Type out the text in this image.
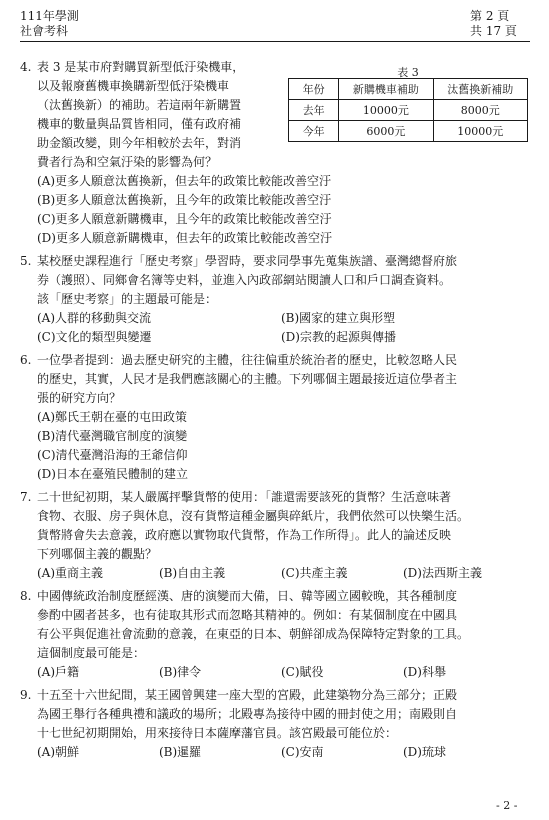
111年學測
社會考科
第 2 頁
共 17 頁
4. 表 3 是某市府對購買新型低汙染機車，
以及報廢舊機車換購新型低汙染機車
（汰舊換新）的補助。若這兩年新購置
機車的數量與品質皆相同，僅有政府補
助金額改變，則今年相較於去年，對消
費者行為和空氣汙染的影響為何？
(A)更多人願意汰舊換新，但去年的政策比較能改善空汙
(B)更多人願意汰舊換新，且今年的政策比較能改善空汙
(C)更多人願意新購機車，且今年的政策比較能改善空汙
(D)更多人願意新購機車，但去年的政策比較能改善空汙
表 3
年份	新購機車補助	汰舊換新補助
去年	10000元	8000元
今年	6000元	10000元
5. 某校歷史課程進行「歷史考察」學習時，要求同學事先蒐集族譜、臺灣總督府旅
券（護照）、同鄉會名簿等史料，並進入內政部網站閱讀人口和戶口調查資料。
該「歷史考察」的主題最可能是：
(A)人群的移動與交流	(B)國家的建立與形塑
(C)文化的類型與變遷	(D)宗教的起源與傳播
6. 一位學者提到：過去歷史研究的主體，往往偏重於統治者的歷史，比較忽略人民
的歷史，其實，人民才是我們應該關心的主體。下列哪個主題最接近這位學者主
張的研究方向？
(A)鄭氏王朝在臺的屯田政策
(B)清代臺灣職官制度的演變
(C)清代臺灣沿海的王爺信仰
(D)日本在臺殖民體制的建立
7. 二十世紀初期，某人嚴厲抨擊貨幣的使用：「誰還需要該死的貨幣？生活意味著
食物、衣服、房子與休息，沒有貨幣這種金屬與碎紙片，我們依然可以快樂生活。
貨幣將會失去意義，政府應以實物取代貨幣，作為工作所得」。此人的論述反映
下列哪個主義的觀點？
(A)重商主義	(B)自由主義	(C)共產主義	(D)法西斯主義
8. 中國傳統政治制度歷經漢、唐的演變而大備，日、韓等國立國較晚，其各種制度
參酌中國者甚多，也有徒取其形式而忽略其精神的。例如：有某個制度在中國具
有公平與促進社會流動的意義，在東亞的日本、朝鮮卻成為保障特定對象的工具。
這個制度最可能是：
(A)戶籍	(B)律令	(C)賦役	(D)科舉
9. 十五至十六世紀間，某王國曾興建一座大型的宮殿，此建築物分為三部分；正殿
為國王舉行各種典禮和議政的場所；北殿專為接待中國的冊封使之用；南殿則自
十七世紀初期開始，用來接待日本薩摩藩官員。該宮殿最可能位於：
(A)朝鮮	(B)暹羅	(C)安南	(D)琉球
- 2 -
